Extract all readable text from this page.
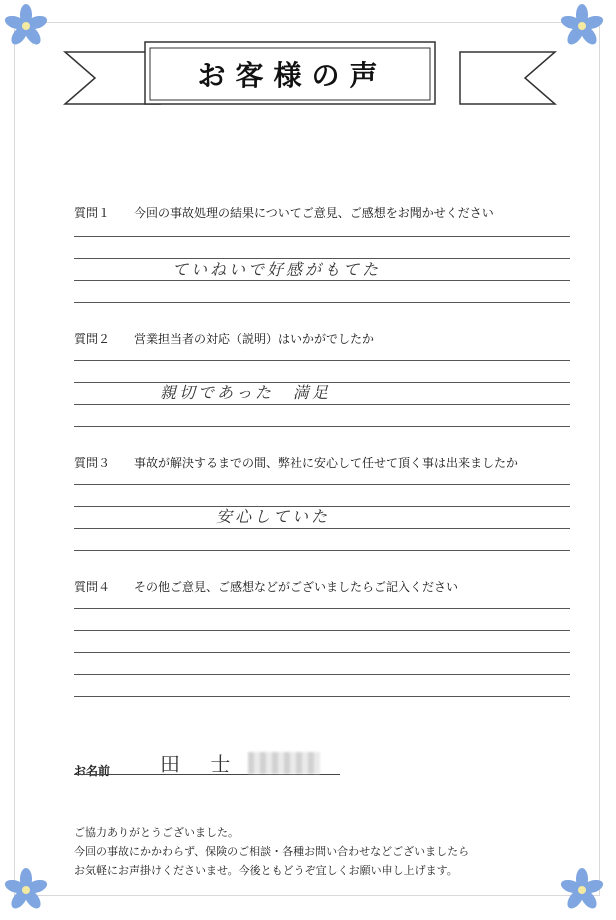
お客様の声
質問１ 今回の事故処理の結果についてご意見、ご感想をお聞かせください
ていねいで好感がもてた
質問２ 営業担当者の対応（説明）はいかがでしたか
親切であった　満足
質問３ 事故が解決するまでの間、弊社に安心して任せて頂く事は出来ましたか
安心していた
質問４ その他ご意見、ご感想などがございましたらご記入ください
お名前 田 士
ご協力ありがとうございました。
今回の事故にかかわらず、保険のご相談・各種お問い合わせなどございましたら
お気軽にお声掛けくださいませ。今後ともどうぞ宜しくお願い申し上げます。
